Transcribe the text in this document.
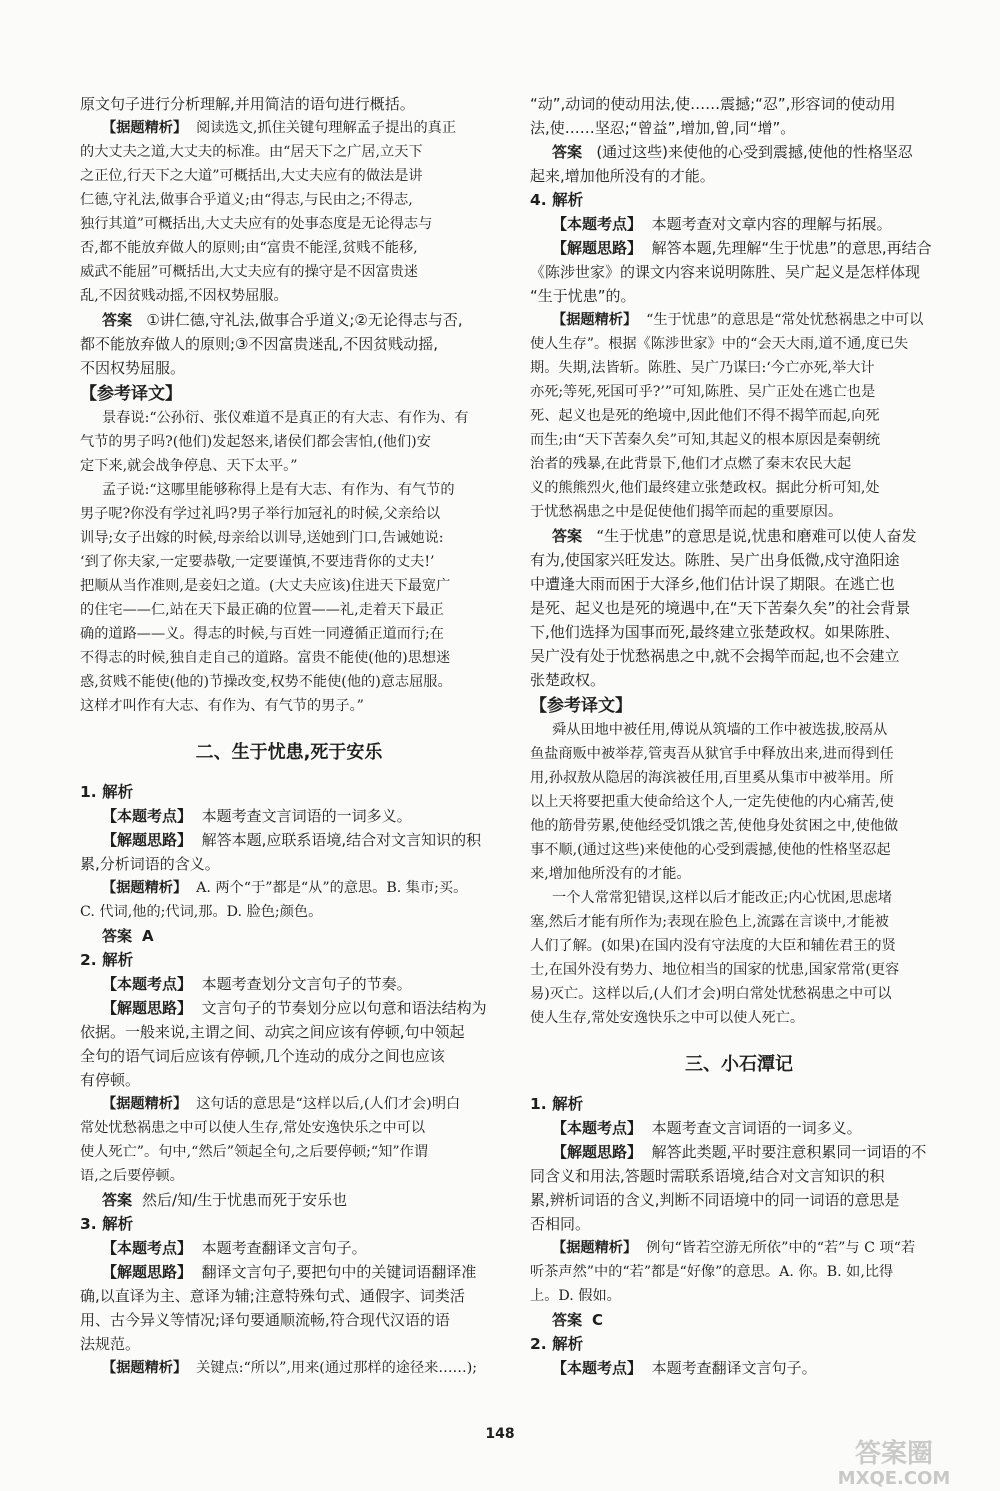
原文句子进行分析理解,并用简洁的语句进行概括。

【据题精析】 阅读选文,抓住关键句理解孟子提出的真正

的大丈夫之道,大丈夫的标准。由“居天下之广居,立天下

之正位,行天下之大道”可概括出,大丈夫应有的做法是讲

仁德,守礼法,做事合乎道义;由“得志,与民由之;不得志,

独行其道”可概括出,大丈夫应有的处事态度是无论得志与

否,都不能放弃做人的原则;由“富贵不能淫,贫贱不能移,

威武不能屈”可概括出,大丈夫应有的操守是不因富贵迷

乱,不因贫贱动摇,不因权势屈服。

答案 ①讲仁德,守礼法,做事合乎道义;②无论得志与否,

都不能放弃做人的原则;③不因富贵迷乱,不因贫贱动摇,

不因权势屈服。

【参考译文】

景春说:“公孙衍、张仪难道不是真正的有大志、有作为、有

气节的男子吗?(他们)发起怒来,诸侯们都会害怕,(他们)安

定下来,就会战争停息、天下太平。”

孟子说:“这哪里能够称得上是有大志、有作为、有气节的

男子呢?你没有学过礼吗?男子举行加冠礼的时候,父亲给以

训导;女子出嫁的时候,母亲给以训导,送她到门口,告诫她说:

‘到了你夫家,一定要恭敬,一定要谨慎,不要违背你的丈夫!’

把顺从当作准则,是妾妇之道。(大丈夫应该)住进天下最宽广

的住宅——仁,站在天下最正确的位置——礼,走着天下最正

确的道路——义。得志的时候,与百姓一同遵循正道而行;在

不得志的时候,独自走自己的道路。富贵不能使(他的)思想迷

惑,贫贱不能使(他的)节操改变,权势不能使(他的)意志屈服。

这样才叫作有大志、有作为、有气节的男子。”

二、生于忧患,死于安乐

1. 解析

【本题考点】 本题考查文言词语的一词多义。

【解题思路】 解答本题,应联系语境,结合对文言知识的积

累,分析词语的含义。

【据题精析】 A. 两个“于”都是“从”的意思。B. 集市;买。

C. 代词,他的;代词,那。D. 脸色;颜色。

答案 A

2. 解析

【本题考点】 本题考查划分文言句子的节奏。

【解题思路】 文言句子的节奏划分应以句意和语法结构为

依据。一般来说,主谓之间、动宾之间应该有停顿,句中领起

全句的语气词后应该有停顿,几个连动的成分之间也应该

有停顿。

【据题精析】 这句话的意思是“这样以后,(人们才会)明白

常处忧愁祸患之中可以使人生存,常处安逸快乐之中可以

使人死亡”。句中,“然后”领起全句,之后要停顿;“知”作谓

语,之后要停顿。

答案 然后/知/生于忧患而死于安乐也

3. 解析

【本题考点】 本题考查翻译文言句子。

【解题思路】 翻译文言句子,要把句中的关键词语翻译准

确,以直译为主、意译为辅;注意特殊句式、通假字、词类活

用、古今异义等情况;译句要通顺流畅,符合现代汉语的语

法规范。

【据题精析】 关键点:“所以”,用来(通过那样的途径来……);

“动”,动词的使动用法,使……震撼;“忍”,形容词的使动用

法,使……坚忍;“曾益”,增加,曾,同“增”。

答案 (通过这些)来使他的心受到震撼,使他的性格坚忍

起来,增加他所没有的才能。

4. 解析

【本题考点】 本题考查对文章内容的理解与拓展。

【解题思路】 解答本题,先理解“生于忧患”的意思,再结合

《陈涉世家》的课文内容来说明陈胜、吴广起义是怎样体现

“生于忧患”的。

【据题精析】 “生于忧患”的意思是“常处忧愁祸患之中可以

使人生存”。根据《陈涉世家》中的“会天大雨,道不通,度已失

期。失期,法皆斩。陈胜、吴广乃谋曰:‘今亡亦死,举大计

亦死;等死,死国可乎?’”可知,陈胜、吴广正处在逃亡也是

死、起义也是死的绝境中,因此他们不得不揭竿而起,向死

而生;由“天下苦秦久矣”可知,其起义的根本原因是秦朝统

治者的残暴,在此背景下,他们才点燃了秦末农民大起

义的熊熊烈火,他们最终建立张楚政权。据此分析可知,处

于忧愁祸患之中是促使他们揭竿而起的重要原因。

答案 “生于忧患”的意思是说,忧患和磨难可以使人奋发

有为,使国家兴旺发达。陈胜、吴广出身低微,戍守渔阳途

中遭逢大雨而困于大泽乡,他们估计误了期限。在逃亡也

是死、起义也是死的境遇中,在“天下苦秦久矣”的社会背景

下,他们选择为国事而死,最终建立张楚政权。如果陈胜、

吴广没有处于忧愁祸患之中,就不会揭竿而起,也不会建立

张楚政权。

【参考译文】

舜从田地中被任用,傅说从筑墙的工作中被选拔,胶鬲从

鱼盐商贩中被举荐,管夷吾从狱官手中释放出来,进而得到任

用,孙叔敖从隐居的海滨被任用,百里奚从集市中被举用。所

以上天将要把重大使命给这个人,一定先使他的内心痛苦,使

他的筋骨劳累,使他经受饥饿之苦,使他身处贫困之中,使他做

事不顺,(通过这些)来使他的心受到震撼,使他的性格坚忍起

来,增加他所没有的才能。

一个人常常犯错误,这样以后才能改正;内心忧困,思虑堵

塞,然后才能有所作为;表现在脸色上,流露在言谈中,才能被

人们了解。(如果)在国内没有守法度的大臣和辅佐君王的贤

士,在国外没有势力、地位相当的国家的忧患,国家常常(更容

易)灭亡。这样以后,(人们才会)明白常处忧愁祸患之中可以

使人生存,常处安逸快乐之中可以使人死亡。

三、小石潭记

1. 解析

【本题考点】 本题考查文言词语的一词多义。

【解题思路】 解答此类题,平时要注意积累同一词语的不

同含义和用法,答题时需联系语境,结合对文言知识的积

累,辨析词语的含义,判断不同语境中的同一词语的意思是

否相同。

【据题精析】 例句“皆若空游无所依”中的“若”与 C 项“若

听茶声然”中的“若”都是“好像”的意思。A. 你。B. 如,比得

上。D. 假如。

答案 C

2. 解析

【本题考点】 本题考查翻译文言句子。

148
答案圈
MXQE.COM
